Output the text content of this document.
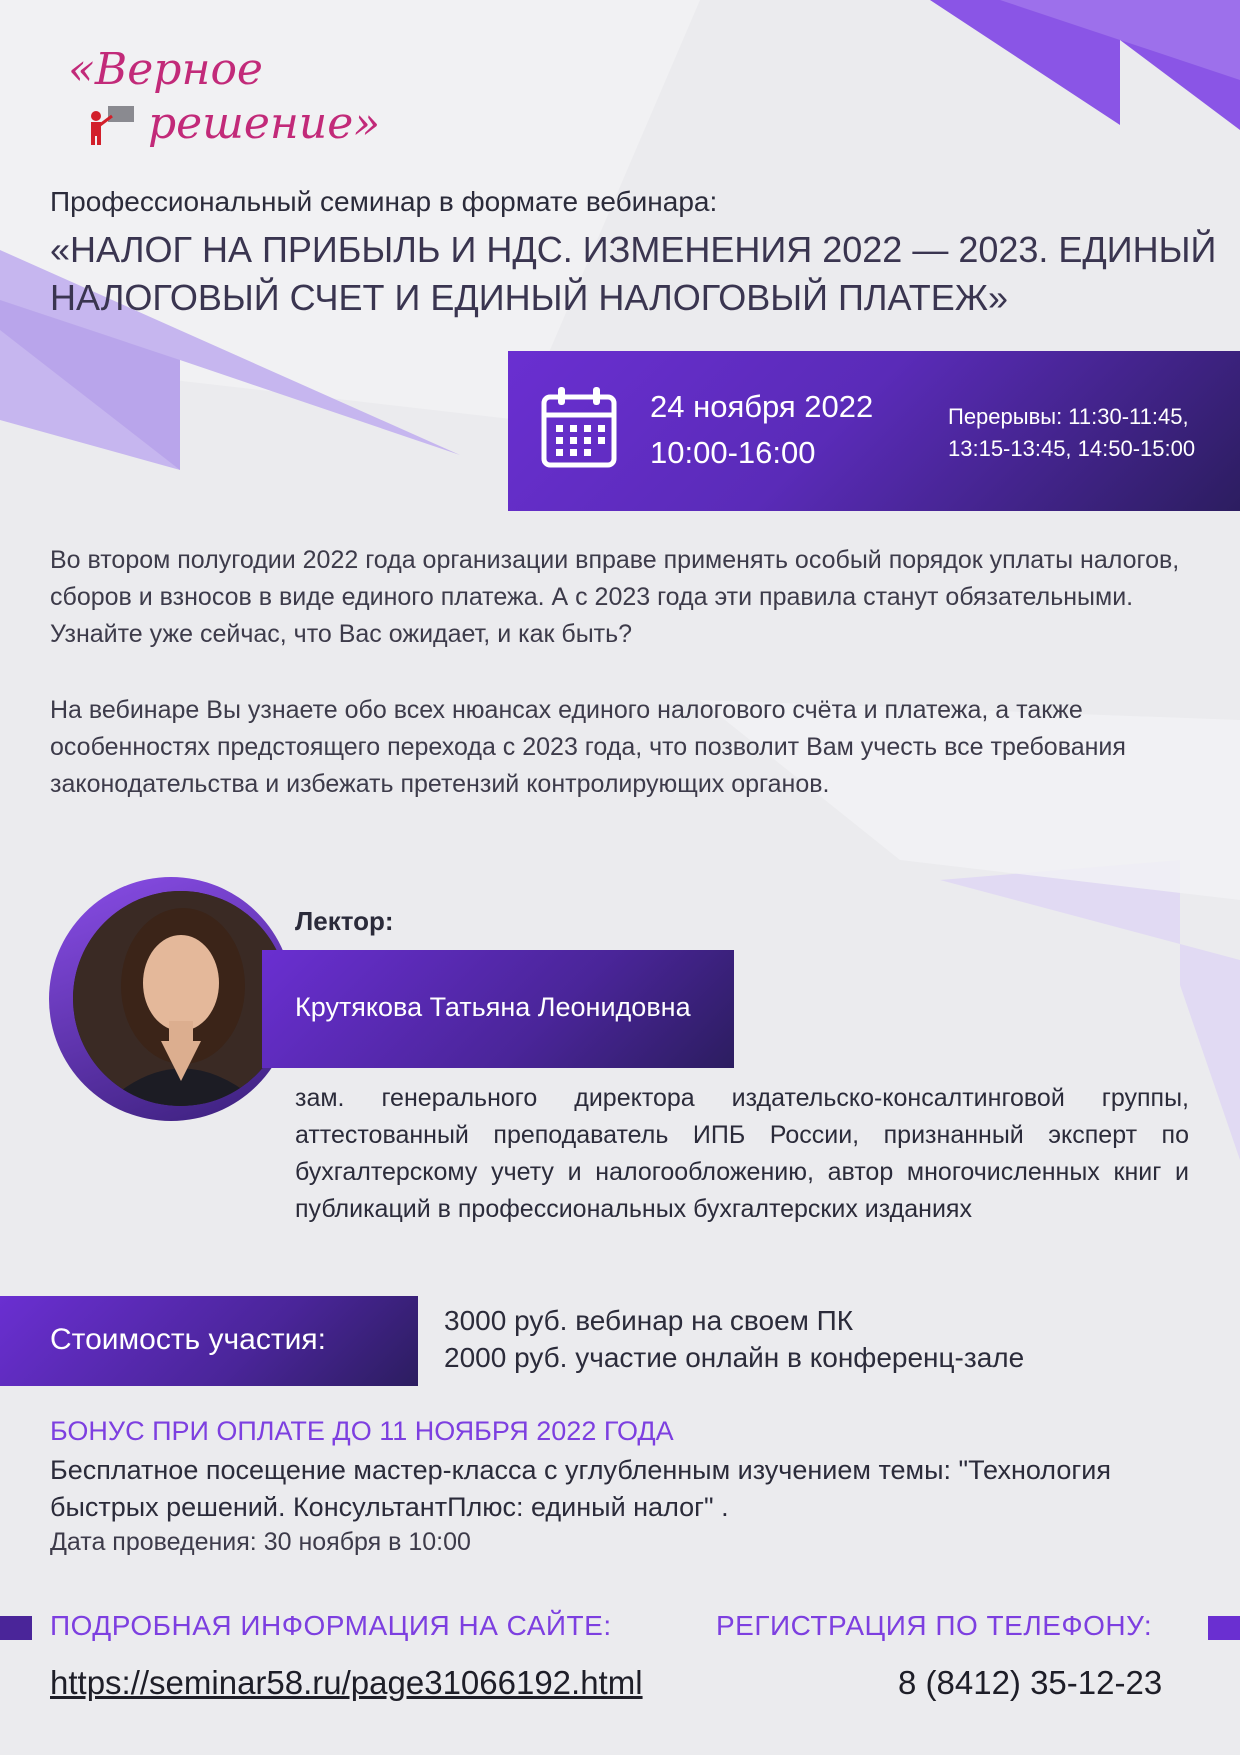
«Верное
решение»
Профессиональный семинар в формате вебинара:
«НАЛОГ НА ПРИБЫЛЬ И НДС. ИЗМЕНЕНИЯ 2022 — 2023. ЕДИНЫЙ НАЛОГОВЫЙ СЧЕТ И ЕДИНЫЙ НАЛОГОВЫЙ ПЛАТЕЖ»
24 ноября 2022
10:00-16:00
Перерывы: 11:30-11:45,
13:15-13:45, 14:50-15:00
Во втором полугодии 2022 года организации вправе применять особый порядок уплаты налогов, сборов и взносов в виде единого платежа. А с 2023 года эти правила станут обязательными. Узнайте уже сейчас, что Вас ожидает, и как быть?
На вебинаре Вы узнаете обо всех нюансах единого налогового счёта и платежа, а также особенностях предстоящего перехода с 2023 года, что позволит Вам учесть все требования законодательства и избежать претензий контролирующих органов.
Лектор:
Крутякова Татьяна Леонидовна
зам. генерального директора издательско-консалтинговой группы, аттестованный преподаватель ИПБ России, признанный эксперт по бухгалтерскому учету и налогообложению, автор многочисленных книг и публикаций в профессиональных бухгалтерских изданиях
Стоимость участия:
3000 руб. вебинар на своем ПК
2000 руб. участие онлайн в конференц-зале
БОНУС ПРИ ОПЛАТЕ ДО 11 НОЯБРЯ 2022 ГОДА
Бесплатное посещение мастер-класса с углубленным изучением темы: "Технология быстрых решений. КонсультантПлюс: единый налог" .
Дата проведения: 30 ноября в 10:00
ПОДРОБНАЯ ИНФОРМАЦИЯ НА САЙТЕ:	РЕГИСТРАЦИЯ ПО ТЕЛЕФОНУ:
https://seminar58.ru/page31066192.html	8 (8412) 35-12-23
